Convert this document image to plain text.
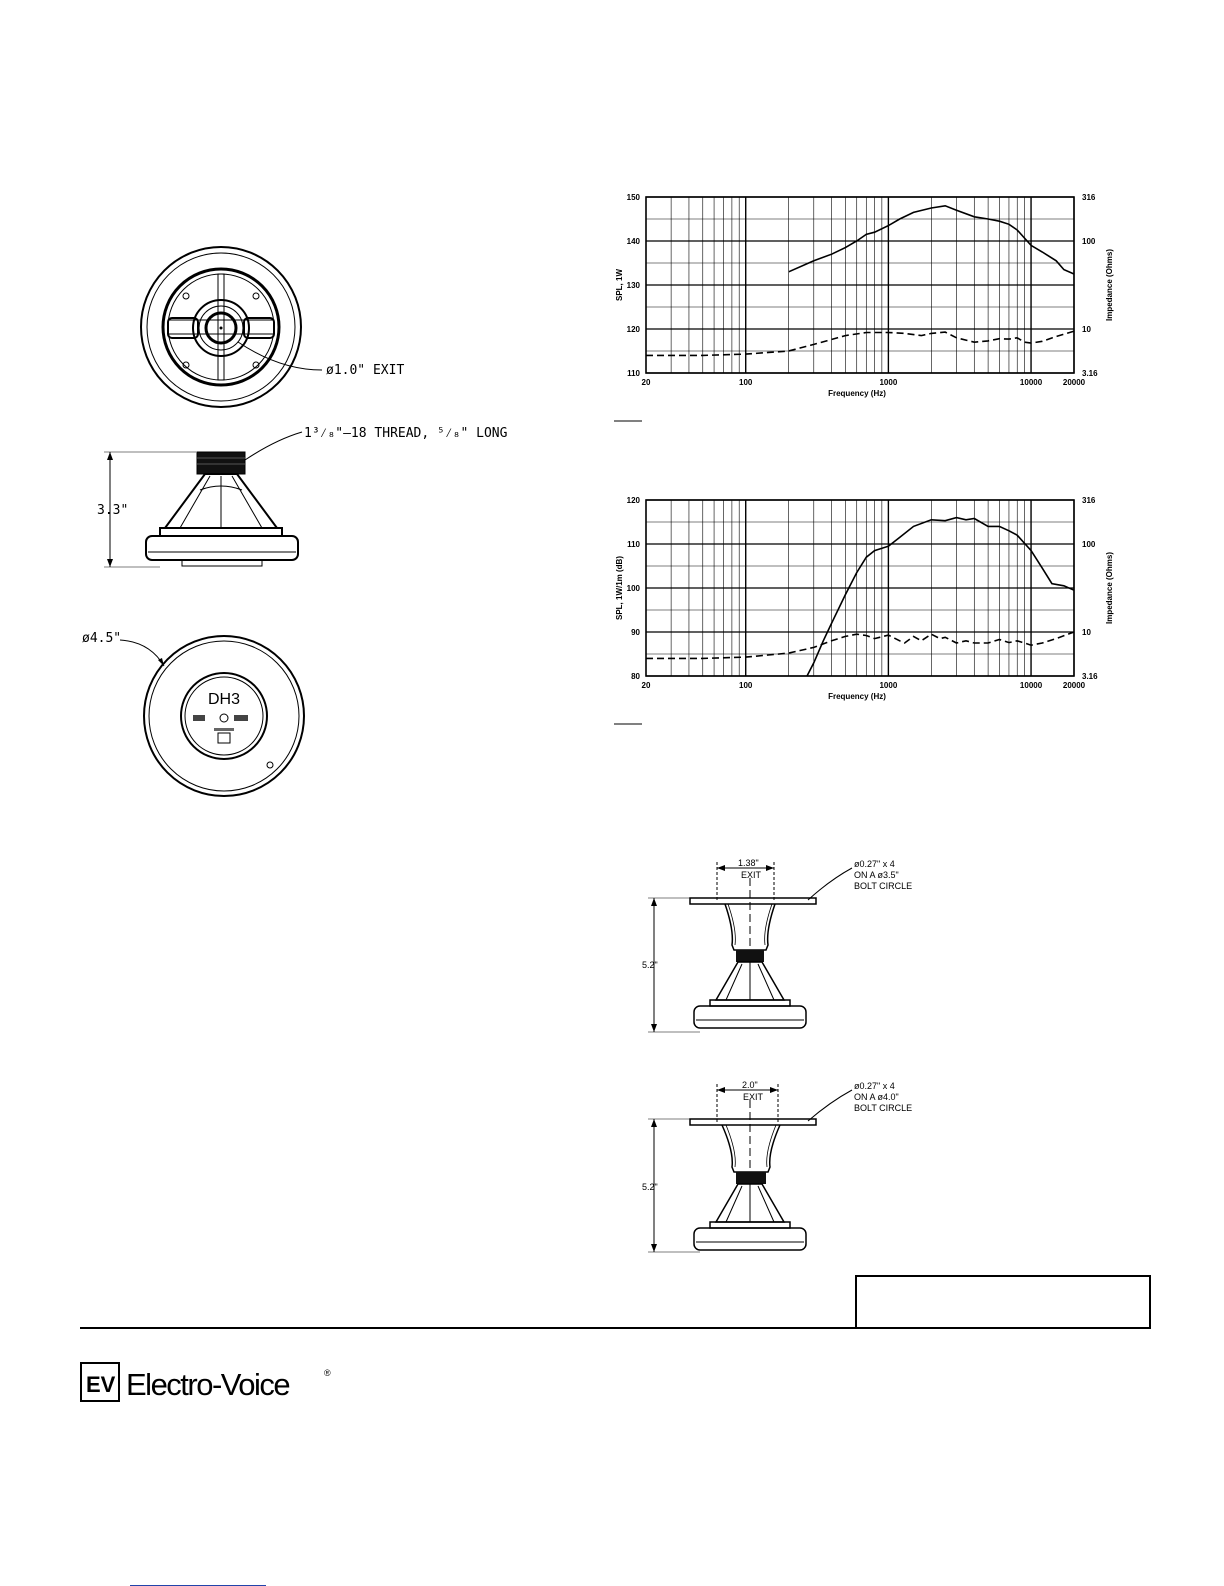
ø1.0" EXIT
3.3"
1³⁄₈"–18 THREAD, ⁵⁄₈" LONG
DH3
ø4.5"
110
120
130
140
150
3.16
10
100
316
20	100	1000	10000	20000
Frequency (Hz)
SPL, 1W	Impedance (Ohms)
80
90
100
110
120
3.16
10
100
316
20	100	1000	10000	20000
Frequency (Hz)
SPL, 1W/1m (dB)	Impedance (Ohms)
1.38"
EXIT
5.2"
ø0.27" x 4
ON A ø3.5"
BOLT CIRCLE
2.0"
EXIT
5.2"
ø0.27" x 4
ON A ø4.0"
BOLT CIRCLE
EV Electro-Voice	®
